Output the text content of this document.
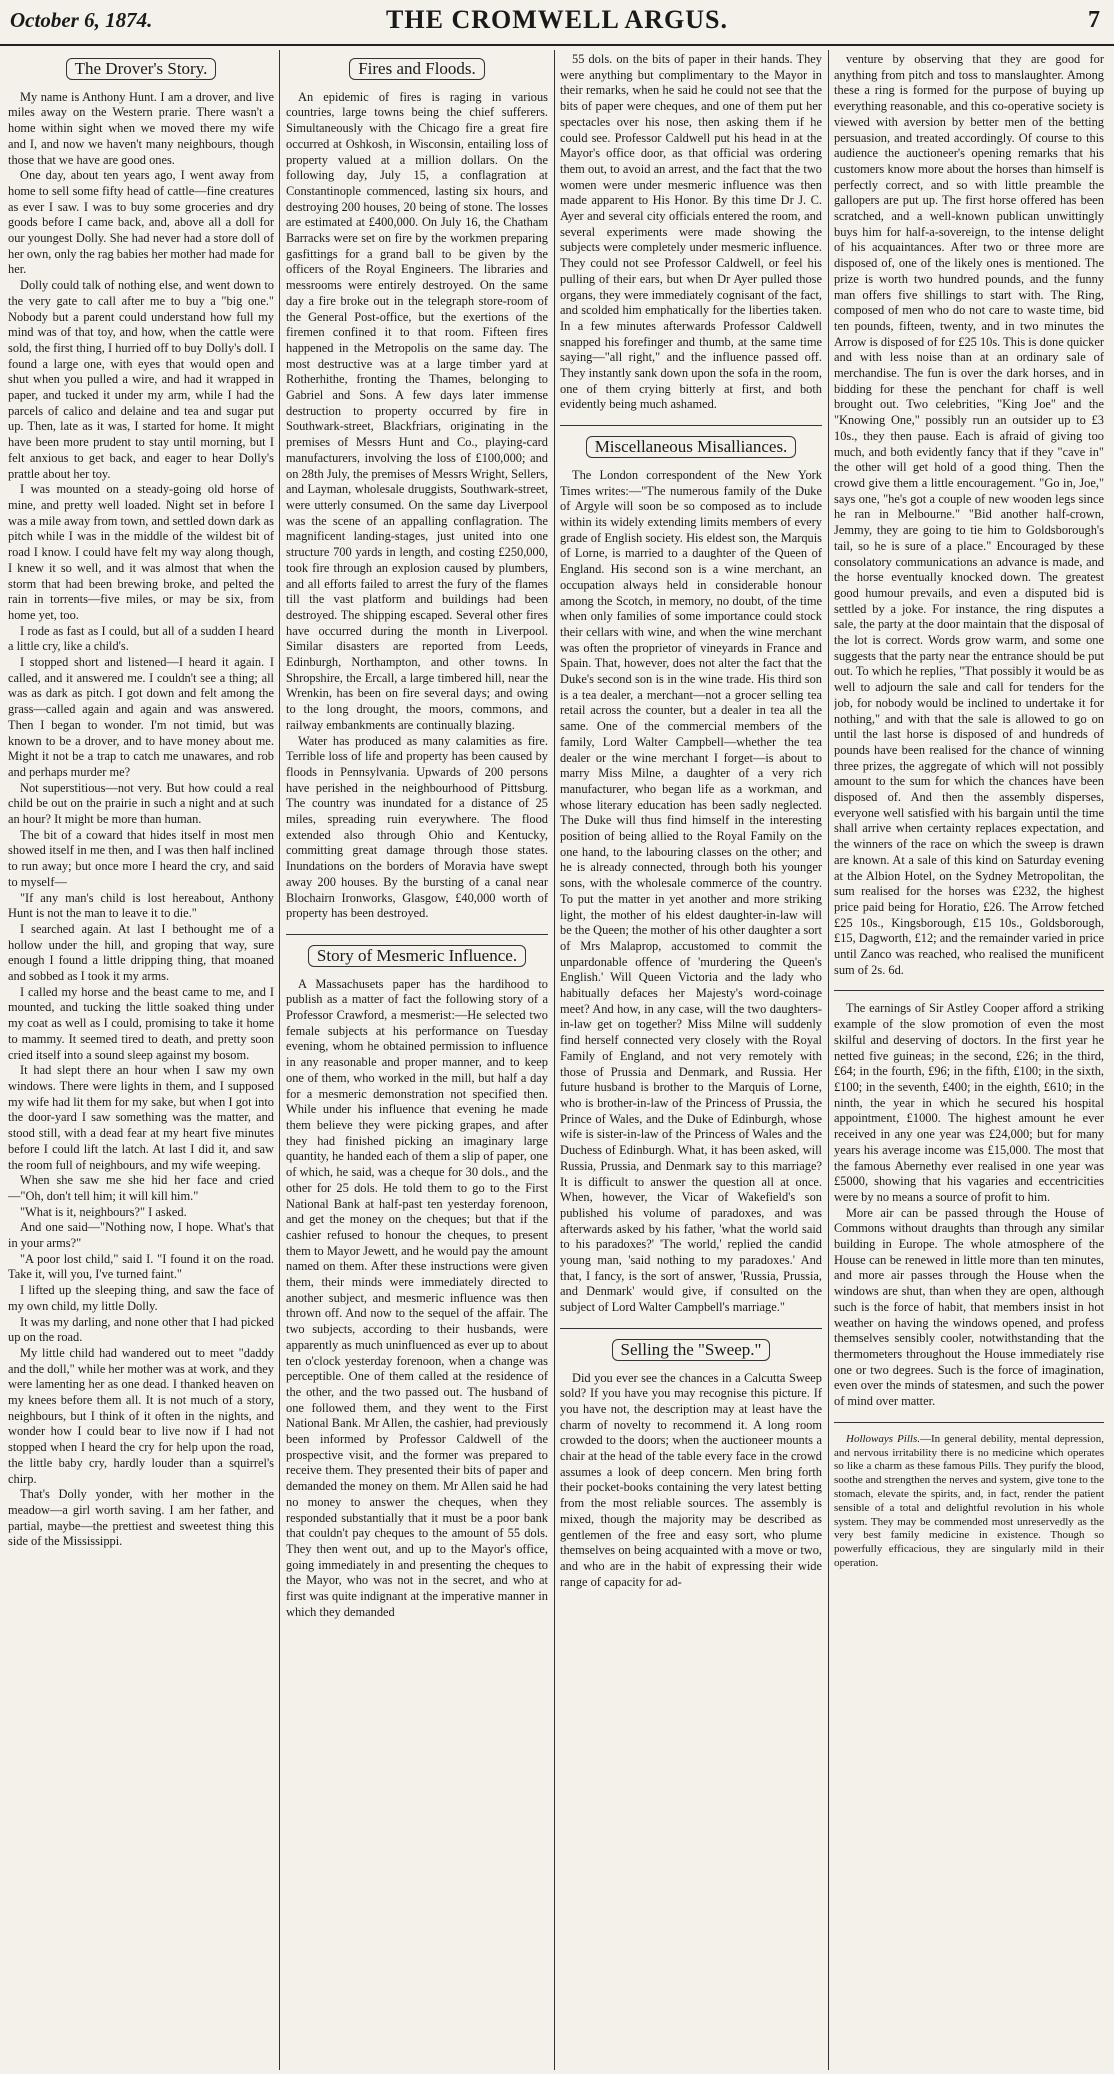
October 6, 1874.	THE CROMWELL ARGUS.	7
The Drover's Story.

My name is Anthony Hunt. I am a drover, and live miles away on the Western prarie. There wasn't a home within sight when we moved there my wife and I, and now we haven't many neighbours, though those that we have are good ones.

One day, about ten years ago, I went away from home to sell some fifty head of cattle—fine creatures as ever I saw. I was to buy some groceries and dry goods before I came back, and, above all a doll for our youngest Dolly. She had never had a store doll of her own, only the rag babies her mother had made for her.

Dolly could talk of nothing else, and went down to the very gate to call after me to buy a "big one." Nobody but a parent could understand how full my mind was of that toy, and how, when the cattle were sold, the first thing, I hurried off to buy Dolly's doll. I found a large one, with eyes that would open and shut when you pulled a wire, and had it wrapped in paper, and tucked it under my arm, while I had the parcels of calico and delaine and tea and sugar put up. Then, late as it was, I started for home. It might have been more prudent to stay until morning, but I felt anxious to get back, and eager to hear Dolly's prattle about her toy.

I was mounted on a steady-going old horse of mine, and pretty well loaded. Night set in before I was a mile away from town, and settled down dark as pitch while I was in the middle of the wildest bit of road I know. I could have felt my way along though, I knew it so well, and it was almost that when the storm that had been brewing broke, and pelted the rain in torrents—five miles, or may be six, from home yet, too.

I rode as fast as I could, but all of a sudden I heard a little cry, like a child's.

I stopped short and listened—I heard it again. I called, and it answered me. I couldn't see a thing; all was as dark as pitch. I got down and felt among the grass—called again and again and was answered. Then I began to wonder. I'm not timid, but was known to be a drover, and to have money about me. Might it not be a trap to catch me unawares, and rob and perhaps murder me?

Not superstitious—not very. But how could a real child be out on the prairie in such a night and at such an hour? It might be more than human.

The bit of a coward that hides itself in most men showed itself in me then, and I was then half inclined to run away; but once more I heard the cry, and said to myself—

"If any man's child is lost hereabout, Anthony Hunt is not the man to leave it to die."

I searched again. At last I bethought me of a hollow under the hill, and groping that way, sure enough I found a little dripping thing, that moaned and sobbed as I took it my arms.

I called my horse and the beast came to me, and I mounted, and tucking the little soaked thing under my coat as well as I could, promising to take it home to mammy. It seemed tired to death, and pretty soon cried itself into a sound sleep against my bosom.

It had slept there an hour when I saw my own windows. There were lights in them, and I supposed my wife had lit them for my sake, but when I got into the door-yard I saw something was the matter, and stood still, with a dead fear at my heart five minutes before I could lift the latch. At last I did it, and saw the room full of neighbours, and my wife weeping.

When she saw me she hid her face and cried—"Oh, don't tell him; it will kill him."

"What is it, neighbours?" I asked.

And one said—"Nothing now, I hope. What's that in your arms?"

"A poor lost child," said I. "I found it on the road. Take it, will you, I've turned faint."

I lifted up the sleeping thing, and saw the face of my own child, my little Dolly.

It was my darling, and none other that I had picked up on the road.

My little child had wandered out to meet "daddy and the doll," while her mother was at work, and they were lamenting her as one dead. I thanked heaven on my knees before them all. It is not much of a story, neighbours, but I think of it often in the nights, and wonder how I could bear to live now if I had not stopped when I heard the cry for help upon the road, the little baby cry, hardly louder than a squirrel's chirp.

That's Dolly yonder, with her mother in the meadow—a girl worth saving. I am her father, and partial, maybe—the prettiest and sweetest thing this side of the Mississippi.

Fires and Floods.

An epidemic of fires is raging in various countries, large towns being the chief sufferers. Simultaneously with the Chicago fire a great fire occurred at Oshkosh, in Wisconsin, entailing loss of property valued at a million dollars. On the following day, July 15, a conflagration at Constantinople commenced, lasting six hours, and destroying 200 houses, 20 being of stone. The losses are estimated at £400,000. On July 16, the Chatham Barracks were set on fire by the workmen preparing gasfittings for a grand ball to be given by the officers of the Royal Engineers. The libraries and messrooms were entirely destroyed. On the same day a fire broke out in the telegraph store-room of the General Post-office, but the exertions of the firemen confined it to that room. Fifteen fires happened in the Metropolis on the same day. The most destructive was at a large timber yard at Rotherhithe, fronting the Thames, belonging to Gabriel and Sons. A few days later immense destruction to property occurred by fire in Southwark-street, Blackfriars, originating in the premises of Messrs Hunt and Co., playing-card manufacturers, involving the loss of £100,000; and on 28th July, the premises of Messrs Wright, Sellers, and Layman, wholesale druggists, Southwark-street, were utterly consumed. On the same day Liverpool was the scene of an appalling conflagration. The magnificent landing-stages, just united into one structure 700 yards in length, and costing £250,000, took fire through an explosion caused by plumbers, and all efforts failed to arrest the fury of the flames till the vast platform and buildings had been destroyed. The shipping escaped. Several other fires have occurred during the month in Liverpool. Similar disasters are reported from Leeds, Edinburgh, Northampton, and other towns. In Shropshire, the Ercall, a large timbered hill, near the Wrenkin, has been on fire several days; and owing to the long drought, the moors, commons, and railway embankments are continually blazing.

Water has produced as many calamities as fire. Terrible loss of life and property has been caused by floods in Pennsylvania. Upwards of 200 persons have perished in the neighbourhood of Pittsburg. The country was inundated for a distance of 25 miles, spreading ruin everywhere. The flood extended also through Ohio and Kentucky, committing great damage through those states. Inundations on the borders of Moravia have swept away 200 houses. By the bursting of a canal near Blochairn Ironworks, Glasgow, £40,000 worth of property has been destroyed.

Story of Mesmeric Influence.

A Massachusets paper has the hardihood to publish as a matter of fact the following story of a Professor Crawford, a mesmerist:—He selected two female subjects at his performance on Tuesday evening, whom he obtained permission to influence in any reasonable and proper manner, and to keep one of them, who worked in the mill, but half a day for a mesmeric demonstration not specified then. While under his influence that evening he made them believe they were picking grapes, and after they had finished picking an imaginary large quantity, he handed each of them a slip of paper, one of which, he said, was a cheque for 30 dols., and the other for 25 dols. He told them to go to the First National Bank at half-past ten yesterday forenoon, and get the money on the cheques; but that if the cashier refused to honour the cheques, to present them to Mayor Jewett, and he would pay the amount named on them. After these instructions were given them, their minds were immediately directed to another subject, and mesmeric influence was then thrown off. And now to the sequel of the affair. The two subjects, according to their husbands, were apparently as much uninfluenced as ever up to about ten o'clock yesterday forenoon, when a change was perceptible. One of them called at the residence of the other, and the two passed out. The husband of one followed them, and they went to the First National Bank. Mr Allen, the cashier, had previously been informed by Professor Caldwell of the prospective visit, and the former was prepared to receive them. They presented their bits of paper and demanded the money on them. Mr Allen said he had no money to answer the cheques, when they responded substantially that it must be a poor bank that couldn't pay cheques to the amount of 55 dols. They then went out, and up to the Mayor's office, going immediately in and presenting the cheques to the Mayor, who was not in the secret, and who at first was quite indignant at the imperative manner in which they demanded

55 dols. on the bits of paper in their hands. They were anything but complimentary to the Mayor in their remarks, when he said he could not see that the bits of paper were cheques, and one of them put her spectacles over his nose, then asking them if he could see. Professor Caldwell put his head in at the Mayor's office door, as that official was ordering them out, to avoid an arrest, and the fact that the two women were under mesmeric influence was then made apparent to His Honor. By this time Dr J. C. Ayer and several city officials entered the room, and several experiments were made showing the subjects were completely under mesmeric influence. They could not see Professor Caldwell, or feel his pulling of their ears, but when Dr Ayer pulled those organs, they were immediately cognisant of the fact, and scolded him emphatically for the liberties taken. In a few minutes afterwards Professor Caldwell snapped his forefinger and thumb, at the same time saying—"all right," and the influence passed off. They instantly sank down upon the sofa in the room, one of them crying bitterly at first, and both evidently being much ashamed.

Miscellaneous Misalliances.

The London correspondent of the New York Times writes:—"The numerous family of the Duke of Argyle will soon be so composed as to include within its widely extending limits members of every grade of English society. His eldest son, the Marquis of Lorne, is married to a daughter of the Queen of England. His second son is a wine merchant, an occupation always held in considerable honour among the Scotch, in memory, no doubt, of the time when only families of some importance could stock their cellars with wine, and when the wine merchant was often the proprietor of vineyards in France and Spain. That, however, does not alter the fact that the Duke's second son is in the wine trade. His third son is a tea dealer, a merchant—not a grocer selling tea retail across the counter, but a dealer in tea all the same. One of the commercial members of the family, Lord Walter Campbell—whether the tea dealer or the wine merchant I forget—is about to marry Miss Milne, a daughter of a very rich manufacturer, who began life as a workman, and whose literary education has been sadly neglected. The Duke will thus find himself in the interesting position of being allied to the Royal Family on the one hand, to the labouring classes on the other; and he is already connected, through both his younger sons, with the wholesale commerce of the country. To put the matter in yet another and more striking light, the mother of his eldest daughter-in-law will be the Queen; the mother of his other daughter a sort of Mrs Malaprop, accustomed to commit the unpardonable offence of 'murdering the Queen's English.' Will Queen Victoria and the lady who habitually defaces her Majesty's word-coinage meet? And how, in any case, will the two daughters-in-law get on together? Miss Milne will suddenly find herself connected very closely with the Royal Family of England, and not very remotely with those of Prussia and Denmark, and Russia. Her future husband is brother to the Marquis of Lorne, who is brother-in-law of the Princess of Prussia, the Prince of Wales, and the Duke of Edinburgh, whose wife is sister-in-law of the Princess of Wales and the Duchess of Edinburgh. What, it has been asked, will Russia, Prussia, and Denmark say to this marriage? It is difficult to answer the question all at once. When, however, the Vicar of Wakefield's son published his volume of paradoxes, and was afterwards asked by his father, 'what the world said to his paradoxes?' 'The world,' replied the candid young man, 'said nothing to my paradoxes.' And that, I fancy, is the sort of answer, 'Russia, Prussia, and Denmark' would give, if consulted on the subject of Lord Walter Campbell's marriage."

Selling the "Sweep."

Did you ever see the chances in a Calcutta Sweep sold? If you have you may recognise this picture. If you have not, the description may at least have the charm of novelty to recommend it. A long room crowded to the doors; when the auctioneer mounts a chair at the head of the table every face in the crowd assumes a look of deep concern. Men bring forth their pocket-books containing the very latest betting from the most reliable sources. The assembly is mixed, though the majority may be described as gentlemen of the free and easy sort, who plume themselves on being acquainted with a move or two, and who are in the habit of expressing their wide range of capacity for ad-

venture by observing that they are good for anything from pitch and toss to manslaughter. Among these a ring is formed for the purpose of buying up everything reasonable, and this co-operative society is viewed with aversion by better men of the betting persuasion, and treated accordingly. Of course to this audience the auctioneer's opening remarks that his customers know more about the horses than himself is perfectly correct, and so with little preamble the gallopers are put up. The first horse offered has been scratched, and a well-known publican unwittingly buys him for half-a-sovereign, to the intense delight of his acquaintances. After two or three more are disposed of, one of the likely ones is mentioned. The prize is worth two hundred pounds, and the funny man offers five shillings to start with. The Ring, composed of men who do not care to waste time, bid ten pounds, fifteen, twenty, and in two minutes the Arrow is disposed of for £25 10s. This is done quicker and with less noise than at an ordinary sale of merchandise. The fun is over the dark horses, and in bidding for these the penchant for chaff is well brought out. Two celebrities, "King Joe" and the "Knowing One," possibly run an outsider up to £3 10s., they then pause. Each is afraid of giving too much, and both evidently fancy that if they "cave in" the other will get hold of a good thing. Then the crowd give them a little encouragement. "Go in, Joe," says one, "he's got a couple of new wooden legs since he ran in Melbourne." "Bid another half-crown, Jemmy, they are going to tie him to Goldsborough's tail, so he is sure of a place." Encouraged by these consolatory communications an advance is made, and the horse eventually knocked down. The greatest good humour prevails, and even a disputed bid is settled by a joke. For instance, the ring disputes a sale, the party at the door maintain that the disposal of the lot is correct. Words grow warm, and some one suggests that the party near the entrance should be put out. To which he replies, "That possibly it would be as well to adjourn the sale and call for tenders for the job, for nobody would be inclined to undertake it for nothing," and with that the sale is allowed to go on until the last horse is disposed of and hundreds of pounds have been realised for the chance of winning three prizes, the aggregate of which will not possibly amount to the sum for which the chances have been disposed of. And then the assembly disperses, everyone well satisfied with his bargain until the time shall arrive when certainty replaces expectation, and the winners of the race on which the sweep is drawn are known. At a sale of this kind on Saturday evening at the Albion Hotel, on the Sydney Metropolitan, the sum realised for the horses was £232, the highest price paid being for Horatio, £26. The Arrow fetched £25 10s., Kingsborough, £15 10s., Goldsborough, £15, Dagworth, £12; and the remainder varied in price until Zanco was reached, who realised the munificent sum of 2s. 6d.

The earnings of Sir Astley Cooper afford a striking example of the slow promotion of even the most skilful and deserving of doctors. In the first year he netted five guineas; in the second, £26; in the third, £64; in the fourth, £96; in the fifth, £100; in the sixth, £100; in the seventh, £400; in the eighth, £610; in the ninth, the year in which he secured his hospital appointment, £1000. The highest amount he ever received in any one year was £24,000; but for many years his average income was £15,000. The most that the famous Abernethy ever realised in one year was £5000, showing that his vagaries and eccentricities were by no means a source of profit to him.

More air can be passed through the House of Commons without draughts than through any similar building in Europe. The whole atmosphere of the House can be renewed in little more than ten minutes, and more air passes through the House when the windows are shut, than when they are open, although such is the force of habit, that members insist in hot weather on having the windows opened, and profess themselves sensibly cooler, notwithstanding that the thermometers throughout the House immediately rise one or two degrees. Such is the force of imagination, even over the minds of statesmen, and such the power of mind over matter.

Holloways Pills.—In general debility, mental depression, and nervous irritability there is no medicine which operates so like a charm as these famous Pills. They purify the blood, soothe and strengthen the nerves and system, give tone to the stomach, elevate the spirits, and, in fact, render the patient sensible of a total and delightful revolution in his whole system. They may be commended most unreservedly as the very best family medicine in existence. Though so powerfully efficacious, they are singularly mild in their operation.
